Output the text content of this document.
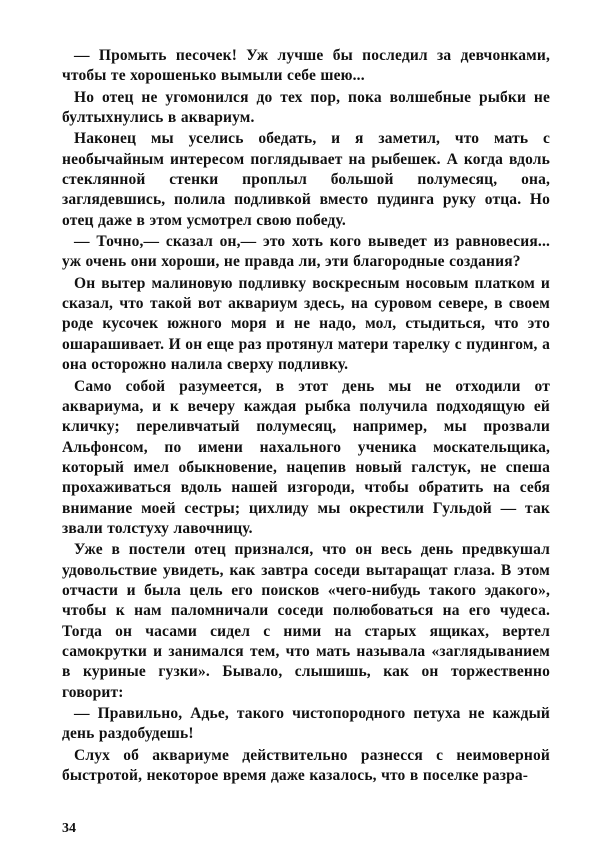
— Промыть песочек! Уж лучше бы последил за девчонками, чтобы те хорошенько вымыли себе шею...

Но отец не угомонился до тех пор, пока волшебные рыбки не бултыхнулись в аквариум.

Наконец мы уселись обедать, и я заметил, что мать с необычайным интересом поглядывает на рыбешек. А когда вдоль стеклянной стенки проплыл большой полумесяц, она, заглядевшись, полила подливкой вместо пудинга руку отца. Но отец даже в этом усмотрел свою победу.

— Точно,— сказал он,— это хоть кого выведет из равновесия... уж очень они хороши, не правда ли, эти благородные создания?

Он вытер малиновую подливку воскресным носовым платком и сказал, что такой вот аквариум здесь, на суровом севере, в своем роде кусочек южного моря и не надо, мол, стыдиться, что это ошарашивает. И он еще раз протянул матери тарелку с пудингом, а она осторожно налила сверху подливку.

Само собой разумеется, в этот день мы не отходили от аквариума, и к вечеру каждая рыбка получила подходящую ей кличку; переливчатый полумесяц, например, мы прозвали Альфонсом, по имени нахального ученика москательщика, который имел обыкновение, нацепив новый галстук, не спеша прохаживаться вдоль нашей изгороди, чтобы обратить на себя внимание моей сестры; цихлиду мы окрестили Гульдой — так звали толстуху лавочницу.

Уже в постели отец признался, что он весь день предвкушал удовольствие увидеть, как завтра соседи вытаращат глаза. В этом отчасти и была цель его поисков «чего-нибудь такого эдакого», чтобы к нам паломничали соседи полюбоваться на его чудеса. Тогда он часами сидел с ними на старых ящиках, вертел самокрутки и занимался тем, что мать называла «заглядыванием в куриные гузки». Бывало, слышишь, как он торжественно говорит:

— Правильно, Адье, такого чистопородного петуха не каждый день раздобудешь!

Слух об аквариуме действительно разнесся с неимоверной быстротой, некоторое время даже казалось, что в поселке разра-

34
